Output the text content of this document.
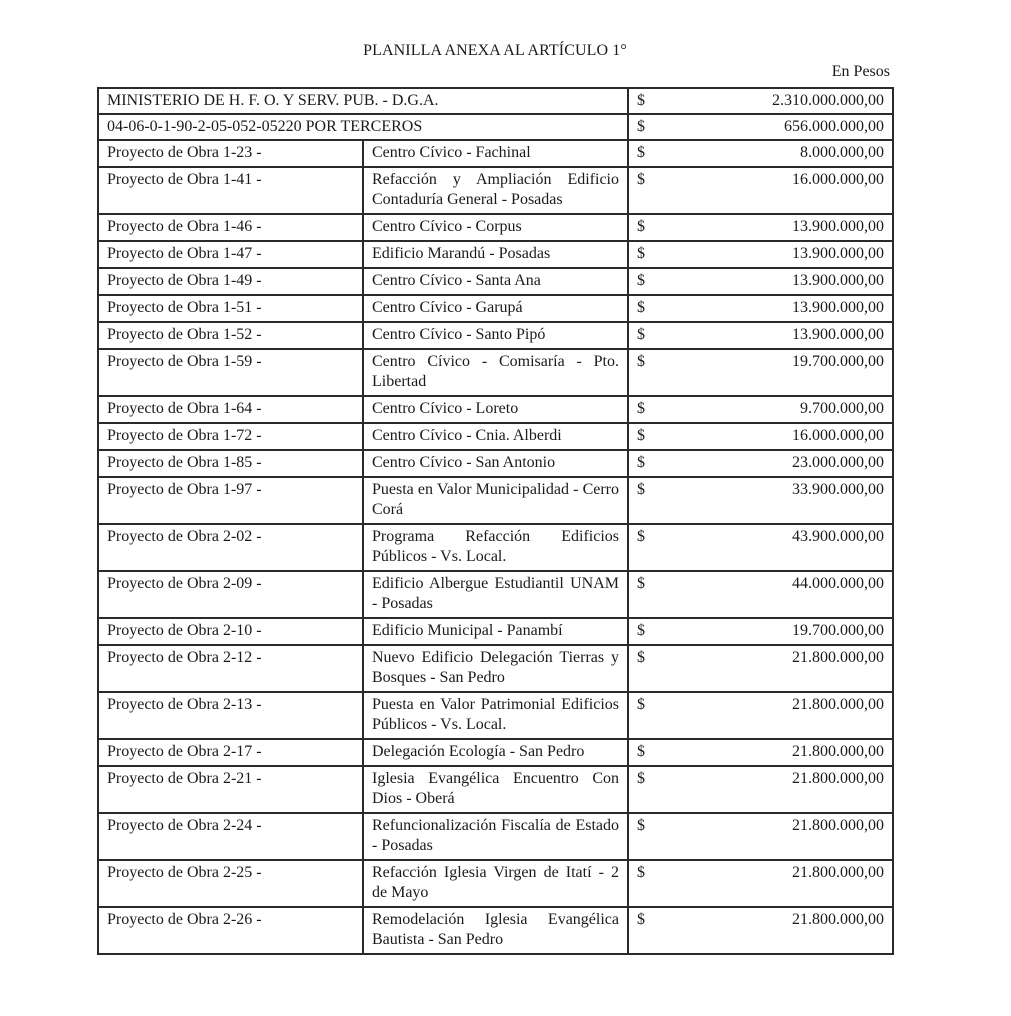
PLANILLA ANEXA AL ARTÍCULO 1°
En Pesos
MINISTERIO DE H. F. O. Y SERV. PUB. - D.G.A.		$ 2.310.000.000,00

04-06-0-1-90-2-05-052-05220 POR TERCEROS		$ 656.000.000,00

Proyecto de Obra 1-23 -	Centro Cívico - Fachinal	$ 8.000.000,00

Proyecto de Obra 1-41 -	Refacción y Ampliación Edificio Contaduría General - Posadas	$ 16.000.000,00

Proyecto de Obra 1-46 -	Centro Cívico - Corpus	$ 13.900.000,00

Proyecto de Obra 1-47 -	Edificio Marandú - Posadas	$ 13.900.000,00

Proyecto de Obra 1-49 -	Centro Cívico - Santa Ana	$ 13.900.000,00

Proyecto de Obra 1-51 -	Centro Cívico - Garupá	$ 13.900.000,00

Proyecto de Obra 1-52 -	Centro Cívico - Santo Pipó	$ 13.900.000,00

Proyecto de Obra 1-59 -	Centro Cívico - Comisaría - Pto. Libertad	$ 19.700.000,00

Proyecto de Obra 1-64 -	Centro Cívico - Loreto	$ 9.700.000,00

Proyecto de Obra 1-72 -	Centro Cívico - Cnia. Alberdi	$ 16.000.000,00

Proyecto de Obra 1-85 -	Centro Cívico - San Antonio	$ 23.000.000,00

Proyecto de Obra 1-97 -	Puesta en Valor Municipalidad - Cerro Corá	$ 33.900.000,00

Proyecto de Obra 2-02 -	Programa Refacción Edificios Públicos - Vs. Local.	$ 43.900.000,00

Proyecto de Obra 2-09 -	Edificio Albergue Estudiantil UNAM - Posadas	$ 44.000.000,00

Proyecto de Obra 2-10 -	Edificio Municipal - Panambí	$ 19.700.000,00

Proyecto de Obra 2-12 -	Nuevo Edificio Delegación Tierras y Bosques - San Pedro	$ 21.800.000,00

Proyecto de Obra 2-13 -	Puesta en Valor Patrimonial Edificios Públicos - Vs. Local.	$ 21.800.000,00

Proyecto de Obra 2-17 -	Delegación Ecología - San Pedro	$ 21.800.000,00

Proyecto de Obra 2-21 -	Iglesia Evangélica Encuentro Con Dios - Oberá	$ 21.800.000,00

Proyecto de Obra 2-24 -	Refuncionalización Fiscalía de Estado - Posadas	$ 21.800.000,00

Proyecto de Obra 2-25 -	Refacción Iglesia Virgen de Itatí - 2 de Mayo	$ 21.800.000,00

Proyecto de Obra 2-26 -	Remodelación Iglesia Evangélica Bautista - San Pedro	$ 21.800.000,00
